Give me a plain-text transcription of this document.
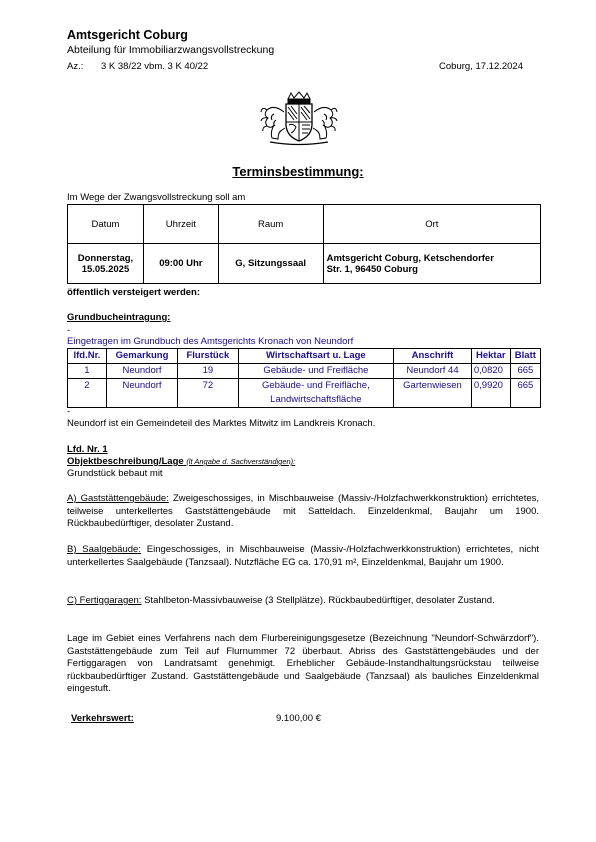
Amtsgericht Coburg
Abteilung für Immobiliarzwangsvollstreckung
Az.: 3 K 38/22 vbm. 3 K 40/22	Coburg, 17.12.2024
Terminsbestimmung:
Im Wege der Zwangsvollstreckung soll am
Datum	Uhrzeit	Raum	Ort
Donnerstag,
15.05.2025	09:00 Uhr	G, Sitzungssaal	Amtsgericht Coburg, Ketschendorfer
Str. 1, 96450 Coburg
öffentlich versteigert werden:
Grundbucheintragung:
-
Eingetragen im Grundbuch des Amtsgerichts Kronach von Neundorf
lfd.Nr.	Gemarkung	Flurstück	Wirtschaftsart u. Lage	Anschrift	Hektar	Blatt
1	Neundorf	19	Gebäude- und Freifläche	Neundorf 44	0,0820	665
2	Neundorf	72	Gebäude- und Freifläche,
Landwirtschaftsfläche	Gartenwiesen	0,9920	665
-
Neundorf ist ein Gemeindeteil des Marktes Mitwitz im Landkreis Kronach.
Lfd. Nr. 1
Objektbeschreibung/Lage (lt Angabe d. Sachverständigen):
Grundstück bebaut mit
A) Gaststättengebäude: Zweigeschossiges, in Mischbauweise (Massiv-/Holzfachwerkkonstruktion) errichtetes, teilweise unterkellertes Gaststättengebäude mit Satteldach. Einzeldenkmal, Baujahr um 1900. Rückbaubedürftiger, desolater Zustand.
B) Saalgebäude: Eingeschossiges, in Mischbauweise (Massiv-/Holzfachwerkkonstruktion) errichtetes, nicht unterkellertes Saalgebäude (Tanzsaal). Nutzfläche EG ca. 170,91 m², Einzeldenkmal, Baujahr um 1900.
C) Fertiggaragen: Stahlbeton-Massivbauweise (3 Stellplätze). Rückbaubedürftiger, desolater Zustand.
Lage im Gebiet eines Verfahrens nach dem Flurbereinigungsgesetze (Bezeichnung "Neundorf-Schwärzdorf"). Gaststättengebäude zum Teil auf Flurnummer 72 überbaut. Abriss des Gaststättengebäudes und der Fertiggaragen von Landratsamt genehmigt. Erheblicher Gebäude-Instandhaltungsrückstau teilweise rückbaubedürftiger Zustand. Gaststättengebäude und Saalgebäude (Tanzsaal) als bauliches Einzeldenkmal eingestuft.
Verkehrswert:	9.100,00 €
